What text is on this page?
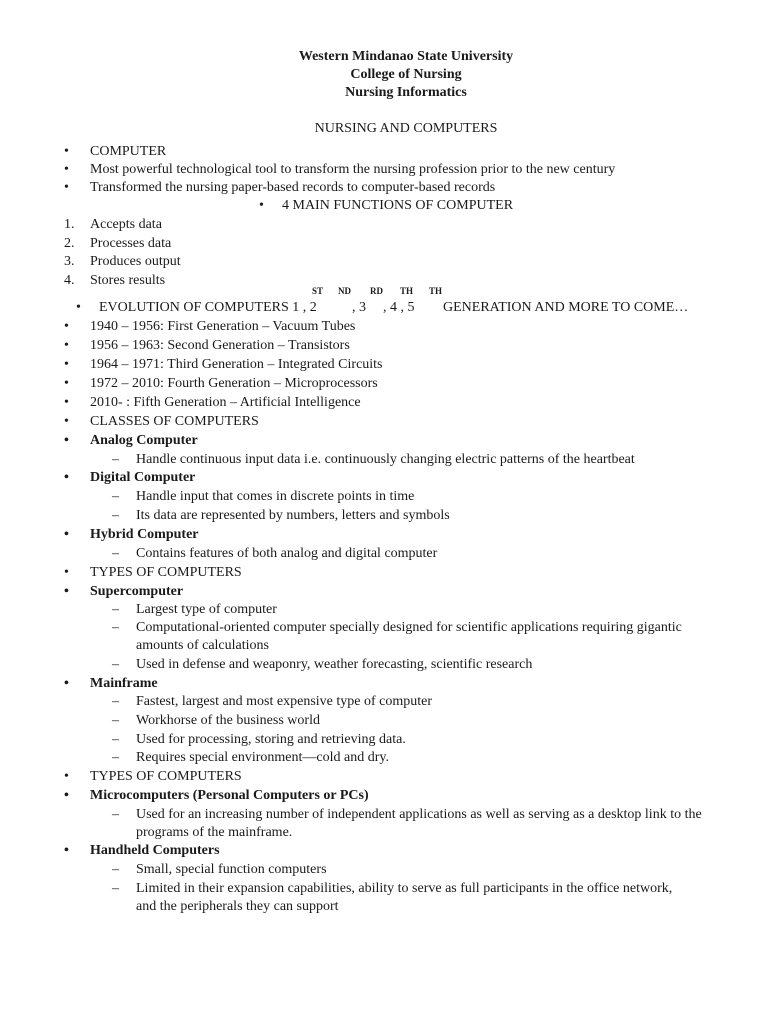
Western Mindanao State University
College of Nursing
Nursing Informatics
NURSING AND COMPUTERS
•	COMPUTER
•	Most powerful technological tool to transform the nursing profession prior to the new century
•	Transformed the nursing paper-based records to computer-based records
• 4 MAIN FUNCTIONS OF COMPUTER
1.	Accepts data
2.	Processes data
3.	Produces output
4.	Stores results
ST ND RD TH TH
• EVOLUTION OF COMPUTERS 1 , 2	, 3 , 4 , 5 GENERATION AND MORE TO COME…
•	1940 – 1956: First Generation – Vacuum Tubes
•	1956 – 1963: Second Generation – Transistors
•	1964 – 1971: Third Generation – Integrated Circuits
•	1972 – 2010: Fourth Generation – Microprocessors
•	2010- : Fifth Generation – Artificial Intelligence
•	CLASSES OF COMPUTERS
•	Analog Computer
– Handle continuous input data i.e. continuously changing electric patterns of the heartbeat
•	Digital Computer
– Handle input that comes in discrete points in time
– Its data are represented by numbers, letters and symbols
•	Hybrid Computer
– Contains features of both analog and digital computer
•	TYPES OF COMPUTERS
•	Supercomputer
– Largest type of computer
– Computational-oriented computer specially designed for scientific applications requiring gigantic amounts of calculations
– Used in defense and weaponry, weather forecasting, scientific research
•	Mainframe
– Fastest, largest and most expensive type of computer
– Workhorse of the business world
– Used for processing, storing and retrieving data.
– Requires special environment—cold and dry.
•	TYPES OF COMPUTERS
•	Microcomputers (Personal Computers or PCs)
– Used for an increasing number of independent applications as well as serving as a desktop link to the programs of the mainframe.
•	Handheld Computers
– Small, special function computers
– Limited in their expansion capabilities, ability to serve as full participants in the office network, and the peripherals they can support
